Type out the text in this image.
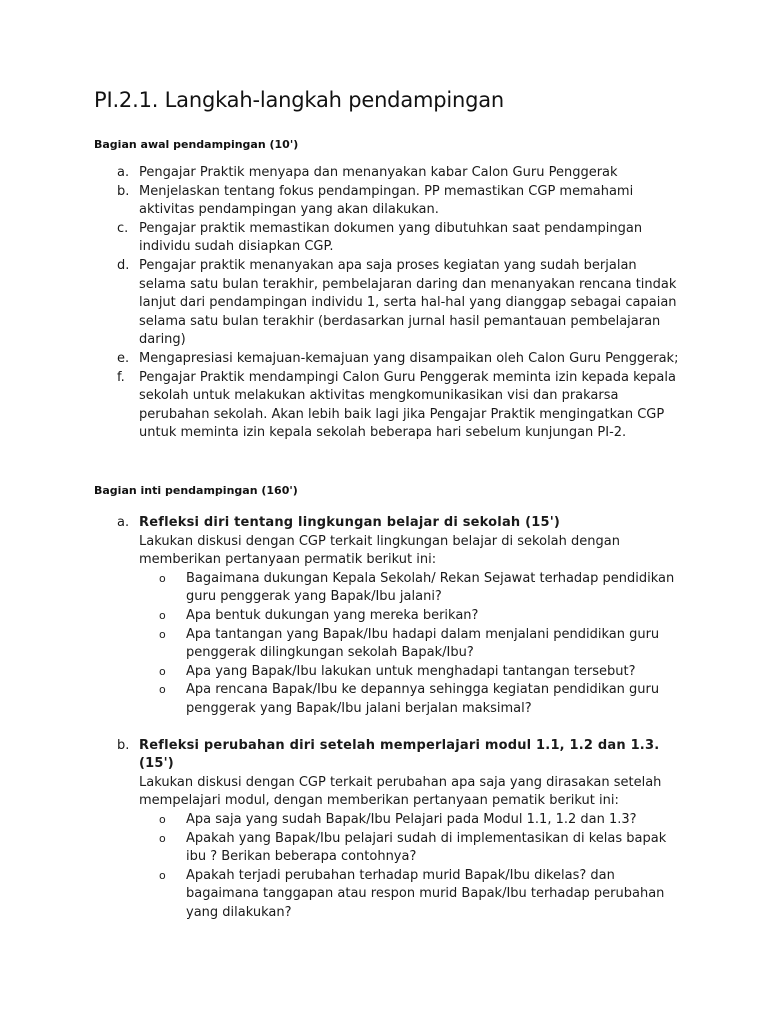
PI.2.1. Langkah-langkah pendampingan

Bagian awal pendampingan (10')

a. Pengajar Praktik menyapa dan menanyakan kabar Calon Guru Penggerak
b. Menjelaskan tentang fokus pendampingan. PP memastikan CGP memahami aktivitas pendampingan yang akan dilakukan.
c. Pengajar praktik memastikan dokumen yang dibutuhkan saat pendampingan individu sudah disiapkan CGP.
d. Pengajar praktik menanyakan apa saja proses kegiatan yang sudah berjalan selama satu bulan terakhir, pembelajaran daring dan menanyakan rencana tindak lanjut dari pendampingan individu 1, serta hal-hal yang dianggap sebagai capaian selama satu bulan terakhir (berdasarkan jurnal hasil pemantauan pembelajaran daring)
e. Mengapresiasi kemajuan-kemajuan yang disampaikan oleh Calon Guru Penggerak;
f. Pengajar Praktik mendampingi Calon Guru Penggerak meminta izin kepada kepala sekolah untuk melakukan aktivitas mengkomunikasikan visi dan prakarsa perubahan sekolah. Akan lebih baik lagi jika Pengajar Praktik mengingatkan CGP untuk meminta izin kepala sekolah beberapa hari sebelum kunjungan PI-2.

Bagian inti pendampingan (160')

a. Refleksi diri tentang lingkungan belajar di sekolah (15')
Lakukan diskusi dengan CGP terkait lingkungan belajar di sekolah dengan memberikan pertanyaan permatik berikut ini:
o Bagaimana dukungan Kepala Sekolah/ Rekan Sejawat terhadap pendidikan guru penggerak yang Bapak/Ibu jalani?
o Apa bentuk dukungan yang mereka berikan?
o Apa tantangan yang Bapak/Ibu hadapi dalam menjalani pendidikan guru penggerak dilingkungan sekolah Bapak/Ibu?
o Apa yang Bapak/Ibu lakukan untuk menghadapi tantangan tersebut?
o Apa rencana Bapak/Ibu ke depannya sehingga kegiatan pendidikan guru penggerak yang Bapak/Ibu jalani berjalan maksimal?
b. Refleksi perubahan diri setelah memperlajari modul 1.1, 1.2 dan 1.3. (15')
Lakukan diskusi dengan CGP terkait perubahan apa saja yang dirasakan setelah mempelajari modul, dengan memberikan pertanyaan pematik berikut ini:
o Apa saja yang sudah Bapak/Ibu Pelajari pada Modul 1.1, 1.2 dan 1.3?
o Apakah yang Bapak/Ibu pelajari sudah di implementasikan di kelas bapak ibu ? Berikan beberapa contohnya?
o Apakah terjadi perubahan terhadap murid Bapak/Ibu dikelas? dan bagaimana tanggapan atau respon murid Bapak/Ibu terhadap perubahan yang dilakukan?
